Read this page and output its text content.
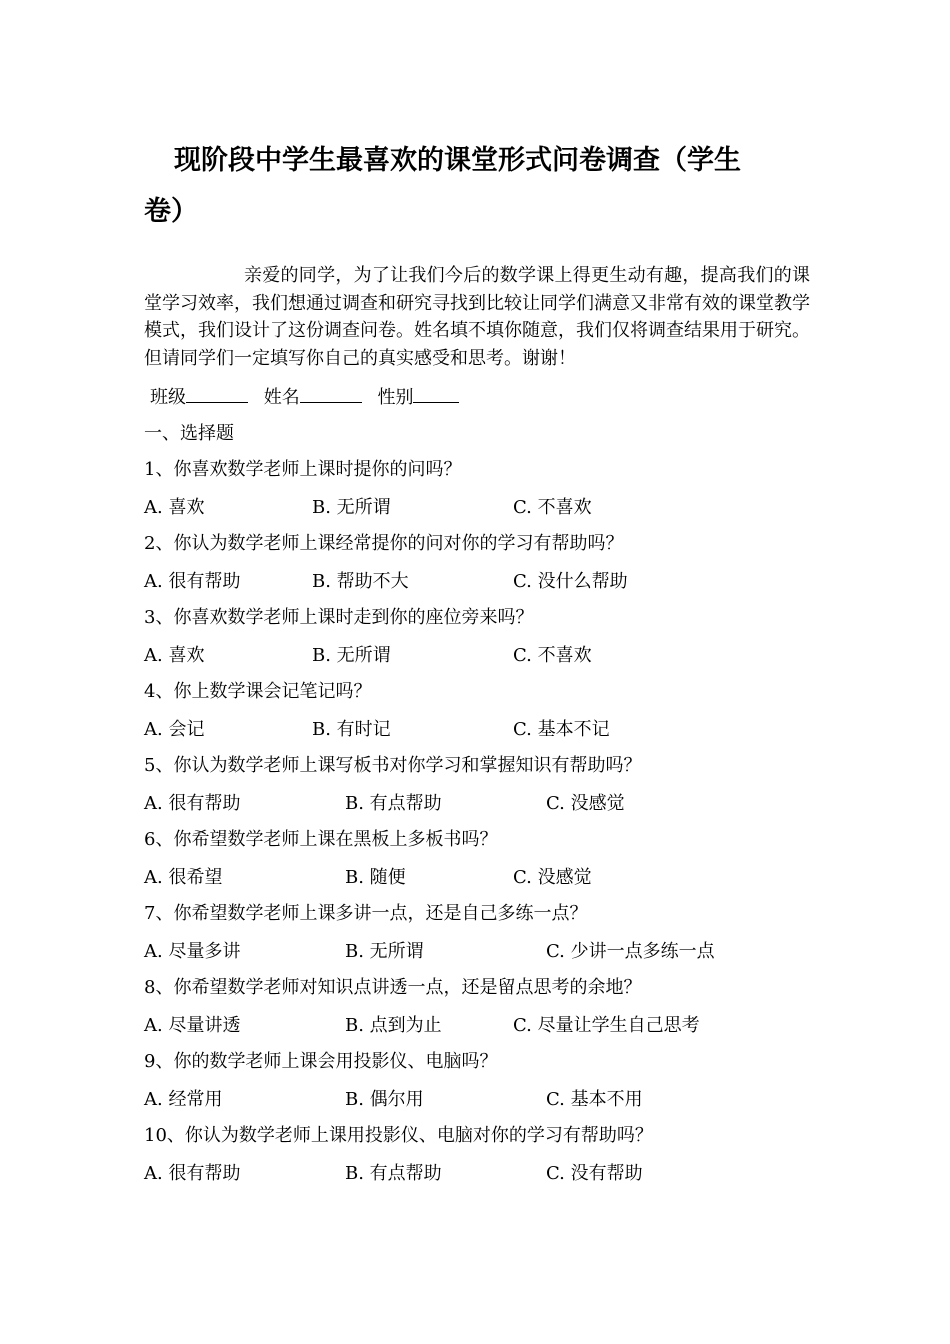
现阶段中学生最喜欢的课堂形式问卷调查（学生
卷）

亲爱的同学，为了让我们今后的数学课上得更生动有趣，提高我们的课堂学习效率，我们想通过调查和研究寻找到比较让同学们满意又非常有效的课堂教学模式，我们设计了这份调查问卷。姓名填不填你随意，我们仅将调查结果用于研究。但请同学们一定填写你自己的真实感受和思考。谢谢！

班级	姓名	性别
一、选择题
1、你喜欢数学老师上课时提你的问吗？
A. 喜欢	B. 无所谓	C. 不喜欢
2、你认为数学老师上课经常提你的问对你的学习有帮助吗？
A. 很有帮助	B. 帮助不大	C. 没什么帮助
3、你喜欢数学老师上课时走到你的座位旁来吗？
A. 喜欢	B. 无所谓	C. 不喜欢
4、你上数学课会记笔记吗？
A. 会记	B. 有时记	C. 基本不记
5、你认为数学老师上课写板书对你学习和掌握知识有帮助吗？
A. 很有帮助	B. 有点帮助	C. 没感觉
6、你希望数学老师上课在黑板上多板书吗？
A. 很希望	B. 随便	C. 没感觉
7、你希望数学老师上课多讲一点，还是自己多练一点？
A. 尽量多讲	B. 无所谓	C. 少讲一点多练一点
8、你希望数学老师对知识点讲透一点，还是留点思考的余地？
A. 尽量讲透	B. 点到为止	C. 尽量让学生自己思考
9、你的数学老师上课会用投影仪、电脑吗？
A. 经常用	B. 偶尔用	C. 基本不用
10、你认为数学老师上课用投影仪、电脑对你的学习有帮助吗？
A. 很有帮助	B. 有点帮助	C. 没有帮助
